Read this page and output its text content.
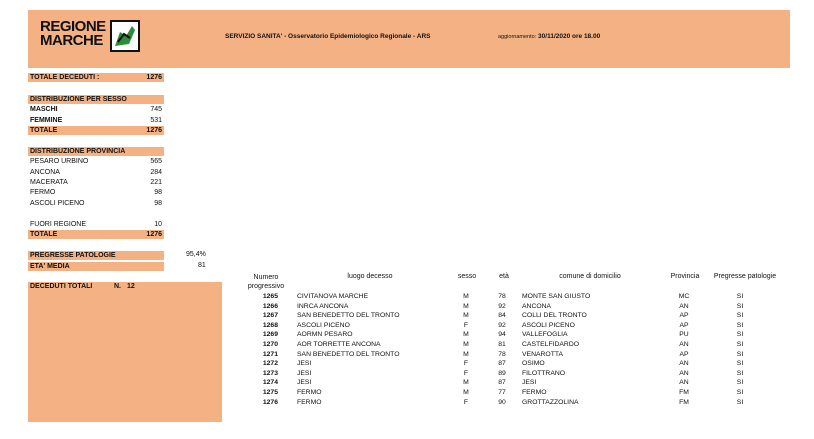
REGIONE
MARCHE	SERVIZIO SANITA' - Osservatorio Epidemiologico Regionale - ARS	aggiornamento: 30/11/2020 ore 18.00
TOTALE DECEDUTI :	1276
DISTRIBUZIONE PER SESSO
MASCHI	745
FEMMINE	531
TOTALE	1276
DISTRIBUZIONE PROVINCIA
PESARO URBINO	565
ANCONA	284
MACERATA	221
FERMO	98
ASCOLI PICENO	98
FUORI REGIONE	10
TOTALE	1276
PREGRESSE PATOLOGIE	95,4%
ETA' MEDIA	81
DECEDUTI TOTALI	N. 12
Numero
progressivo
luogo decesso	sesso	età	comune di domicilio	Provincia	Pregresse patologie
1265	CIVITANOVA MARCHE	M	78	MONTE SAN GIUSTO	MC	SI
1266	INRCA ANCONA	M	92	ANCONA	AN	SI
1267	SAN BENEDETTO DEL TRONTO	M	84	COLLI DEL TRONTO	AP	SI
1268	ASCOLI PICENO	F	92	ASCOLI PICENO	AP	SI
1269	AORMN PESARO	M	94	VALLEFOGLIA	PU	SI
1270	AOR TORRETTE ANCONA	M	81	CASTELFIDARDO	AN	SI
1271	SAN BENEDETTO DEL TRONTO	M	78	VENAROTTA	AP	SI
1272	JESI	F	87	OSIMO	AN	SI
1273	JESI	F	89	FILOTTRANO	AN	SI
1274	JESI	M	87	JESI	AN	SI
1275	FERMO	M	77	FERMO	FM	SI
1276	FERMO	F	90	GROTTAZZOLINA	FM	SI
